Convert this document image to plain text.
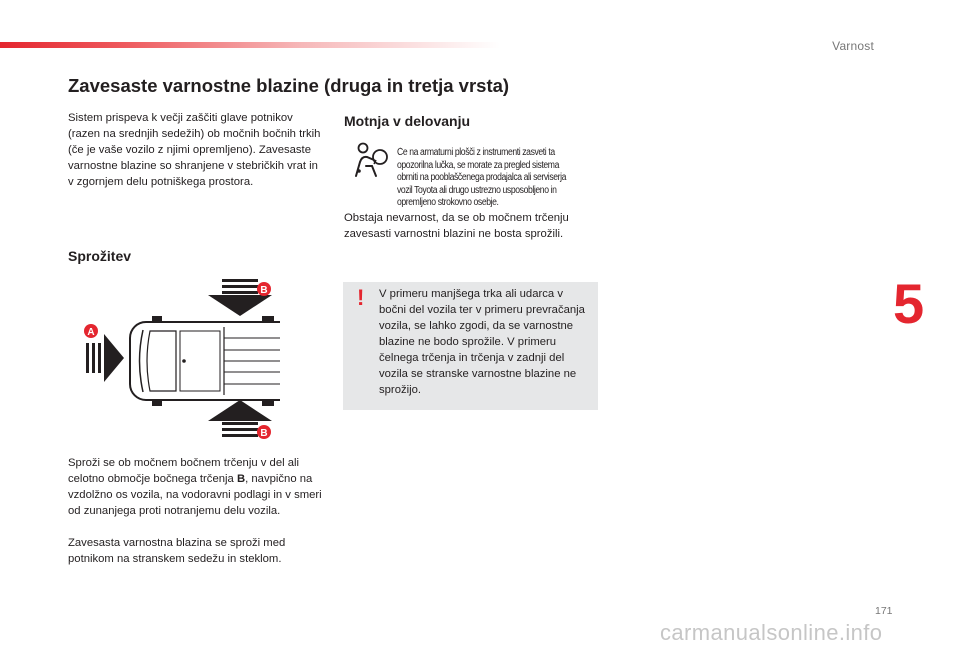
Varnost
5
Zavesaste varnostne blazine (druga in tretja vrsta)

Sistem prispeva k večji zaščiti glave potnikov (razen na srednjih sedežih) ob močnih bočnih trkih (če je vaše vozilo z njimi opremljeno). Zavesaste varnostne blazine so shranjene v stebričkih vrat in v zgornjem delu potniškega prostora.

Sprožitev
A
B
B

Sproži se ob močnem bočnem trčenju v del ali celotno območje bočnega trčenja B, navpično na vzdolžno os vozila, na vodoravni podlagi in v smeri od zunanjega proti notranjemu delu vozila.

Zavesasta varnostna blazina se sproži med potnikom na stranskem sedežu in steklom.

Motnja v delovanju

Če na armaturni plošči z instrumenti zasveti ta opozorilna lučka, se morate za pregled sistema obrniti na pooblaščenega prodajalca ali serviserja vozil Toyota ali drugo ustrezno usposobljeno in opremljeno strokovno osebje.

Obstaja nevarnost, da se ob močnem trčenju zavesasti varnostni blazini ne bosta sprožili.

! V primeru manjšega trka ali udarca v bočni del vozila ter v primeru prevračanja vozila, se lahko zgodi, da se varnostne blazine ne bodo sprožile. V primeru čelnega trčenja in trčenja v zadnji del vozila se stranske varnostne blazine ne sprožijo.

171
carmanualsonline.info
